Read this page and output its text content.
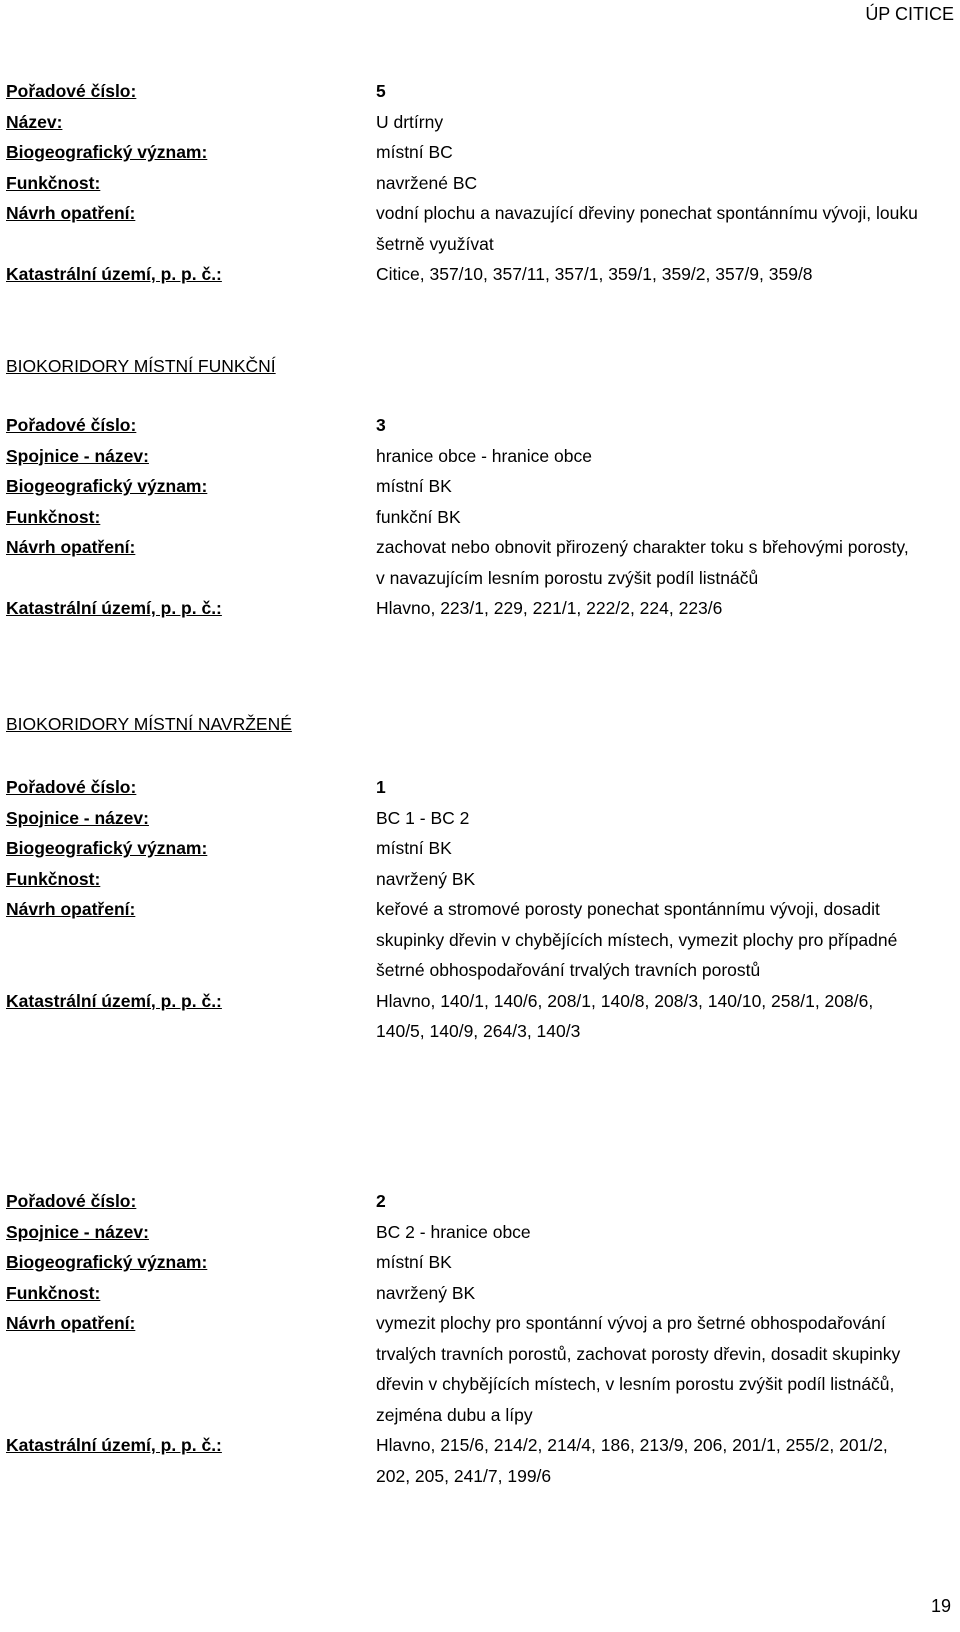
ÚP CITICE
Pořadové číslo:	5
Název:	U drtírny
Biogeografický význam:	místní BC
Funkčnost:	navržené BC
Návrh opatření:	vodní plochu a navazující dřeviny ponechat spontánnímu vývoji, louku šetrně využívat
Katastrální území, p. p. č.:	Citice, 357/10, 357/11, 357/1, 359/1, 359/2, 357/9, 359/8
BIOKORIDORY MÍSTNÍ FUNKČNÍ
Pořadové číslo:	3
Spojnice - název:	hranice obce - hranice obce
Biogeografický význam:	místní BK
Funkčnost:	funkční BK
Návrh opatření:	zachovat nebo obnovit přirozený charakter toku s břehovými porosty, v navazujícím lesním porostu zvýšit podíl listnáčů
Katastrální území, p. p. č.:	Hlavno, 223/1, 229, 221/1, 222/2, 224, 223/6
BIOKORIDORY MÍSTNÍ NAVRŽENÉ
Pořadové číslo:	1
Spojnice - název:	BC 1 - BC 2
Biogeografický význam:	místní BK
Funkčnost:	navržený BK
Návrh opatření:	keřové a stromové porosty ponechat spontánnímu vývoji, dosadit skupinky dřevin v chybějících místech, vymezit plochy pro případné šetrné obhospodařování trvalých travních porostů
Katastrální území, p. p. č.:	Hlavno, 140/1, 140/6, 208/1, 140/8, 208/3, 140/10, 258/1, 208/6, 140/5, 140/9, 264/3, 140/3
Pořadové číslo:	2
Spojnice - název:	BC 2 - hranice obce
Biogeografický význam:	místní BK
Funkčnost:	navržený BK
Návrh opatření:	vymezit plochy pro spontánní vývoj a pro šetrné obhospodařování trvalých travních porostů, zachovat porosty dřevin, dosadit skupinky dřevin v chybějících místech, v lesním porostu zvýšit podíl listnáčů, zejména dubu a lípy
Katastrální území, p. p. č.:	Hlavno, 215/6, 214/2, 214/4, 186, 213/9, 206, 201/1, 255/2, 201/2, 202, 205, 241/7, 199/6
19
